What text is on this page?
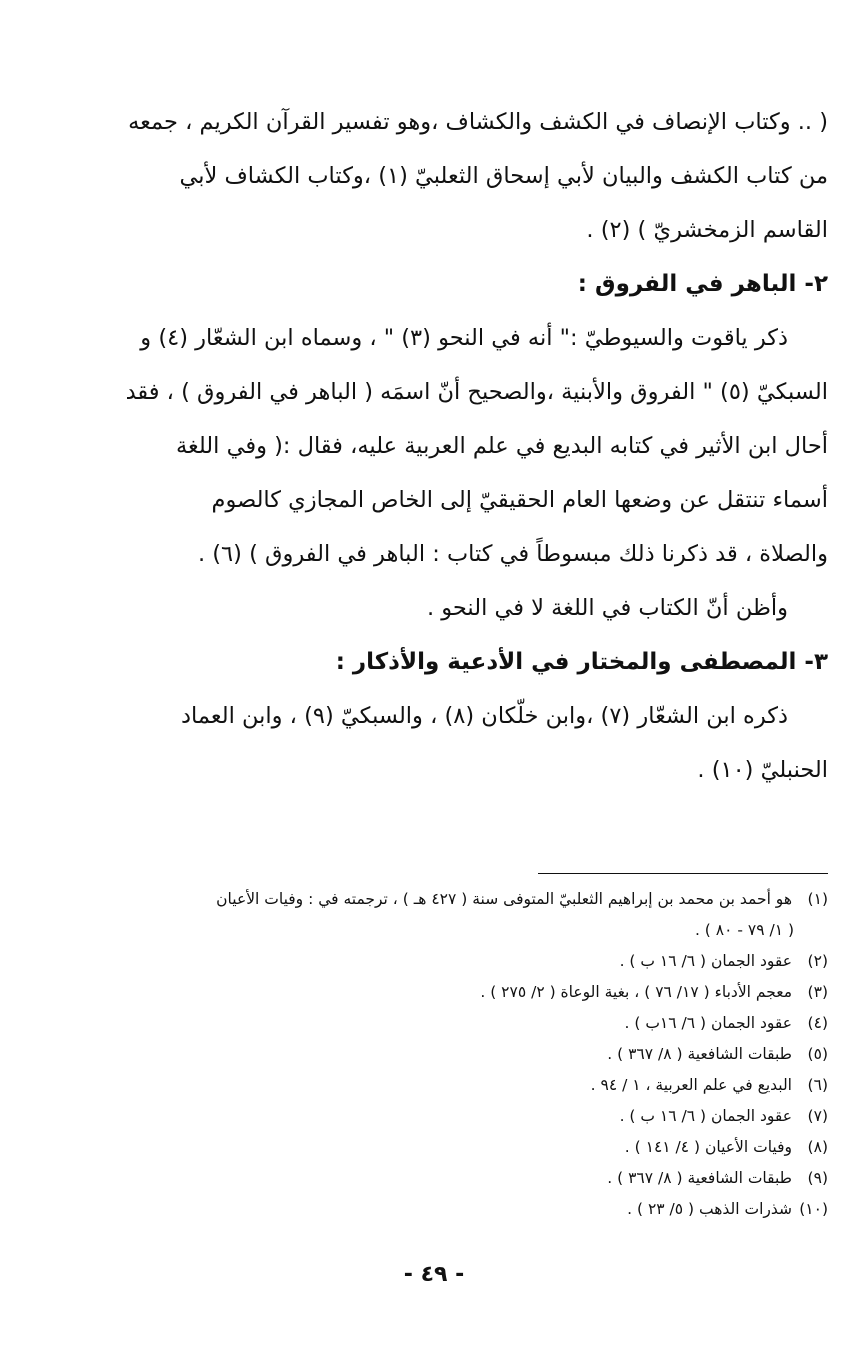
( .. وكتاب الإنصاف في الكشف والكشاف ،وهو تفسير القرآن الكريم ، جمعه
من كتاب الكشف والبيان لأبي إسحاق الثعلبيّ (١) ،وكتاب الكشاف لأبي
القاسم الزمخشريّ ) (٢) .
٢- الباهر في الفروق :
ذكر ياقوت والسيوطيّ :" أنه في النحو (٣) " ، وسماه ابن الشعّار (٤) و
السبكيّ (٥) " الفروق والأبنية ،والصحيح أنّ اسمَه ( الباهر في الفروق ) ، فقد
أحال ابن الأثير في كتابه البديع في علم العربية عليه، فقال :( وفي اللغة
أسماء تنتقل عن وضعها العام الحقيقيّ إلى الخاص المجازي كالصوم
والصلاة ، قد ذكرنا ذلك مبسوطاً في كتاب : الباهر في الفروق ) (٦) .
وأظن أنّ الكتاب في اللغة لا في النحو .
٣- المصطفى والمختار في الأدعية والأذكار :
ذكره ابن الشعّار (٧) ،وابن خلّكان (٨) ، والسبكيّ (٩) ، وابن العماد
الحنبليّ (١٠) .
(١)هو أحمد بن محمد بن إبراهيم الثعلبيّ المتوفى سنة ( ٤٢٧ هـ ) ، ترجمته في : وفيات الأعيان
( ١/ ٧٩ - ٨٠ ) .
(٢)عقود الجمان ( ٦/ ١٦ ب ) .
(٣)معجم الأدباء ( ١٧/ ٧٦ ) ، بغية الوعاة ( ٢/ ٢٧٥ ) .
(٤)عقود الجمان ( ٦/ ١٦ب ) .
(٥)طبقات الشافعية ( ٨/ ٣٦٧ ) .
(٦)البديع في علم العربية ، ١ / ٩٤ .
(٧)عقود الجمان ( ٦/ ١٦ ب ) .
(٨)وفيات الأعيان ( ٤/ ١٤١ ) .
(٩)طبقات الشافعية ( ٨/ ٣٦٧ ) .
(١٠)شذرات الذهب ( ٥/ ٢٣ ) .
- ٤٩ -
